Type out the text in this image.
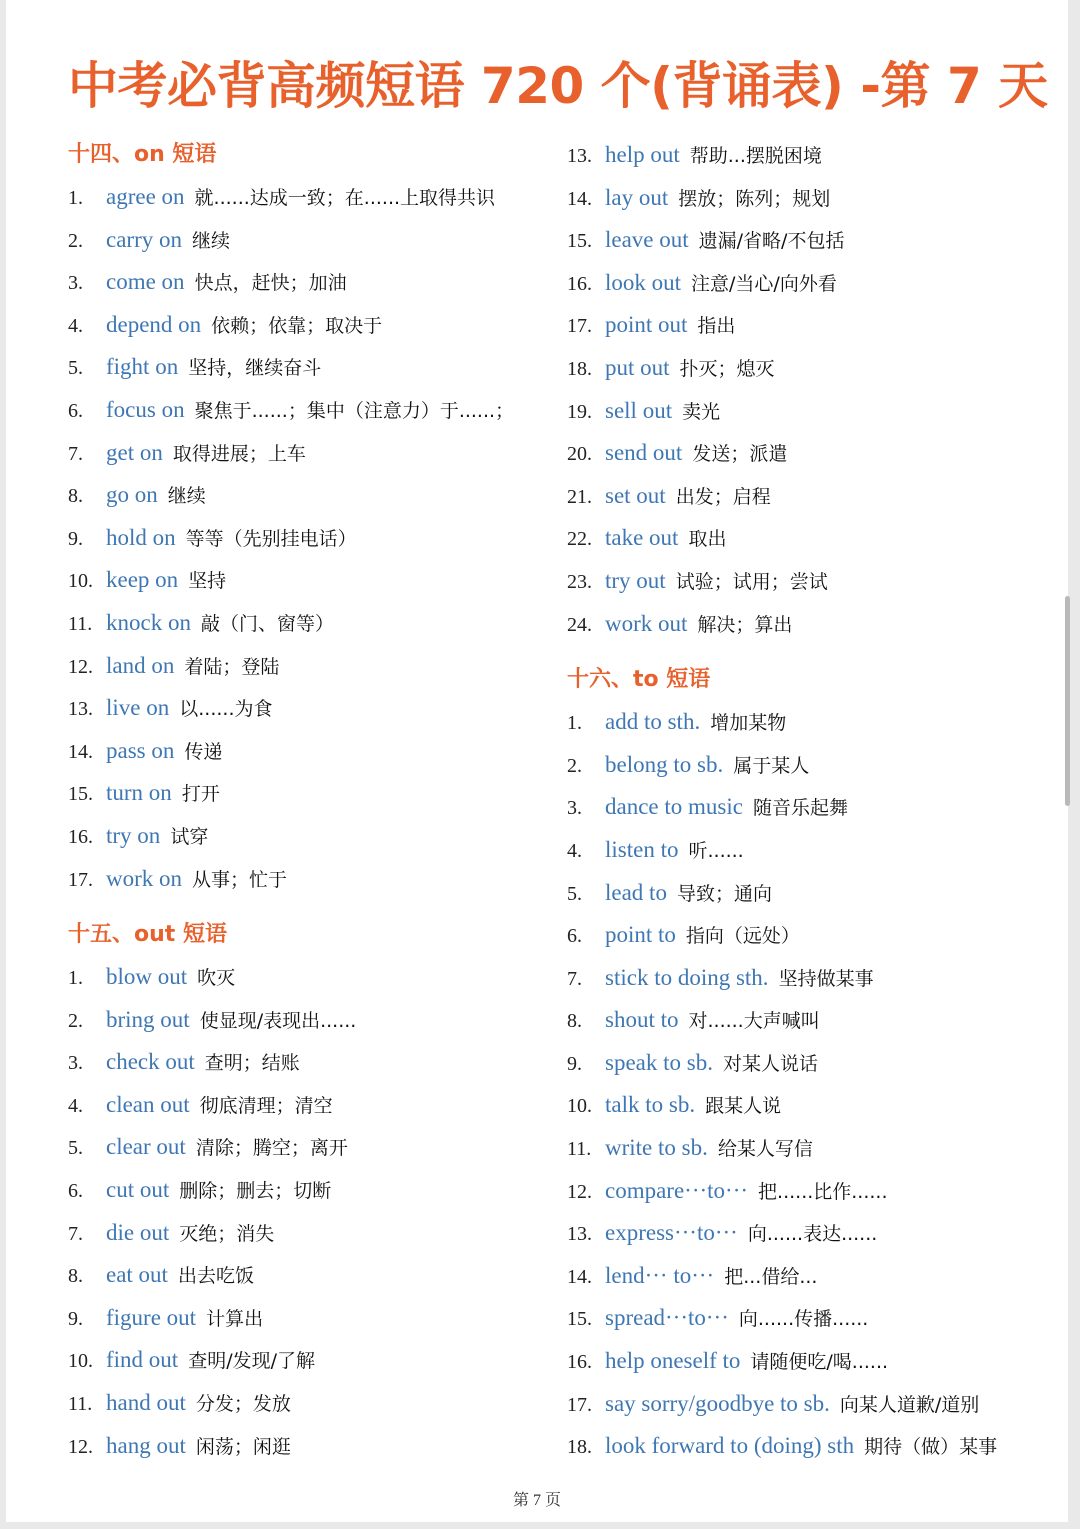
中考必背高频短语 720 个(背诵表) -第 7 天
十四、on 短语
1. agree on 就......达成一致；在......上取得共识
2. carry on 继续
3. come on 快点，赶快；加油
4. depend on 依赖；依靠；取决于
5. fight on 坚持，继续奋斗
6. focus on 聚焦于......；集中（注意力）于......；
7. get on 取得进展；上车
8. go on 继续
9. hold on 等等（先别挂电话）
10. keep on 坚持
11. knock on 敲（门、窗等）
12. land on 着陆；登陆
13. live on 以......为食
14. pass on 传递
15. turn on 打开
16. try on 试穿
17. work on 从事；忙于
十五、out 短语
1. blow out 吹灭
2. bring out 使显现/表现出......
3. check out 查明；结账
4. clean out 彻底清理；清空
5. clear out 清除；腾空；离开
6. cut out 删除；删去；切断
7. die out 灭绝；消失
8. eat out 出去吃饭
9. figure out 计算出
10. find out 查明/发现/了解
11. hand out 分发；发放
12. hang out 闲荡；闲逛
13. help out 帮助...摆脱困境
14. lay out 摆放；陈列；规划
15. leave out 遗漏/省略/不包括
16. look out 注意/当心/向外看
17. point out 指出
18. put out 扑灭；熄灭
19. sell out 卖光
20. send out 发送；派遣
21. set out 出发；启程
22. take out 取出
23. try out 试验；试用；尝试
24. work out 解决；算出
十六、to 短语
1. add to sth. 增加某物
2. belong to sb. 属于某人
3. dance to music 随音乐起舞
4. listen to 听......
5. lead to 导致；通向
6. point to 指向（远处）
7. stick to doing sth. 坚持做某事
8. shout to 对......大声喊叫
9. speak to sb. 对某人说话
10. talk to sb. 跟某人说
11. write to sb. 给某人写信
12. compare···to··· 把......比作......
13. express···to··· 向......表达......
14. lend··· to··· 把...借给...
15. spread···to··· 向......传播......
16. help oneself to 请随便吃/喝......
17. say sorry/goodbye to sb. 向某人道歉/道别
18. look forward to (doing) sth 期待（做）某事
第 7 页
